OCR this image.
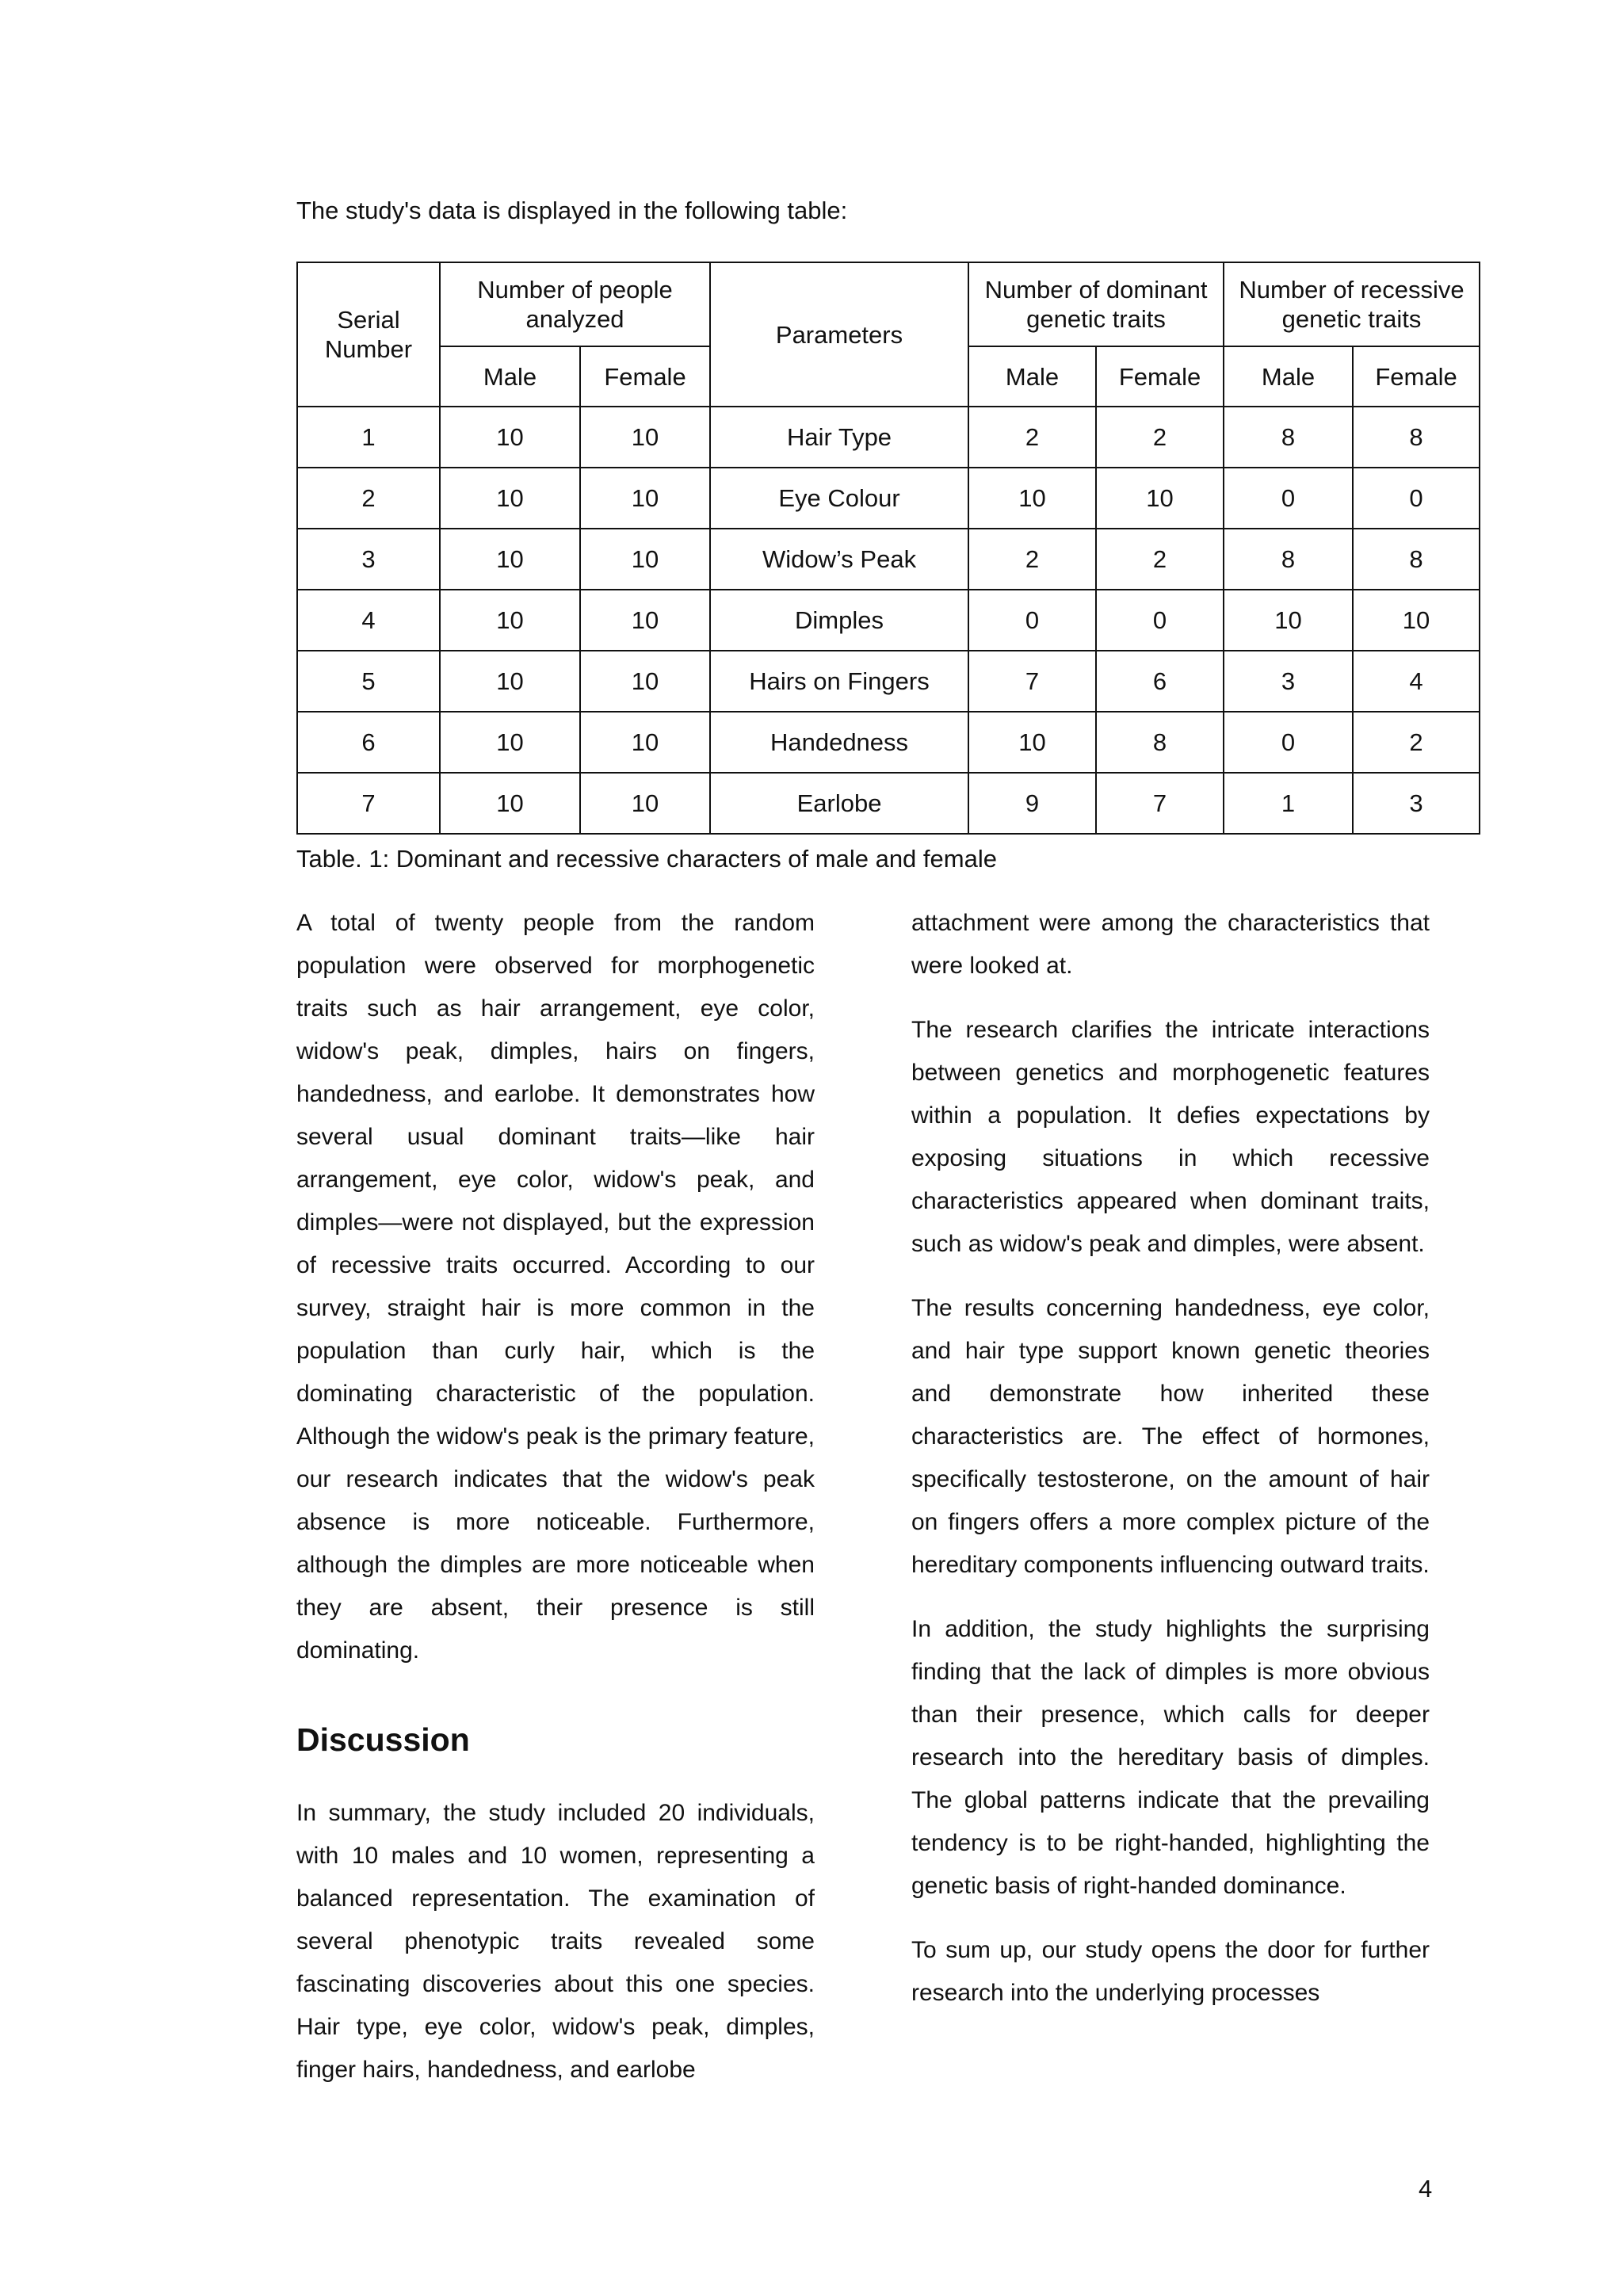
The study's data is displayed in the following table:

Serial Number	Number of people analyzed		Parameters	Number of dominant genetic traits		Number of recessive genetic traits	
	Male	Female		Male	Female	Male	Female
1	10	10	Hair Type	2	2	8	8
2	10	10	Eye Colour	10	10	0	0
3	10	10	Widow’s Peak	2	2	8	8
4	10	10	Dimples	0	0	10	10
5	10	10	Hairs on Fingers	7	6	3	4
6	10	10	Handedness	10	8	0	2
7	10	10	Earlobe	9	7	1	3

Table. 1: Dominant and recessive characters of male and female

A total of twenty people from the random population were observed for morphogenetic traits such as hair arrangement, eye color, widow's peak, dimples, hairs on fingers, handedness, and earlobe. It demonstrates how several usual dominant traits—like hair arrangement, eye color, widow's peak, and dimples—were not displayed, but the expression of recessive traits occurred. According to our survey, straight hair is more common in the population than curly hair, which is the dominating characteristic of the population. Although the widow's peak is the primary feature, our research indicates that the widow's peak absence is more noticeable. Furthermore, although the dimples are more noticeable when they are absent, their presence is still dominating.

Discussion

In summary, the study included 20 individuals, with 10 males and 10 women, representing a balanced representation. The examination of several phenotypic traits revealed some fascinating discoveries about this one species. Hair type, eye color, widow's peak, dimples, finger hairs, handedness, and earlobe

attachment were among the characteristics that were looked at.

The research clarifies the intricate interactions between genetics and morphogenetic features within a population. It defies expectations by exposing situations in which recessive characteristics appeared when dominant traits, such as widow's peak and dimples, were absent.

The results concerning handedness, eye color, and hair type support known genetic theories and demonstrate how inherited these characteristics are. The effect of hormones, specifically testosterone, on the amount of hair on fingers offers a more complex picture of the hereditary components influencing outward traits.

In addition, the study highlights the surprising finding that the lack of dimples is more obvious than their presence, which calls for deeper research into the hereditary basis of dimples. The global patterns indicate that the prevailing tendency is to be right-handed, highlighting the genetic basis of right-handed dominance.

To sum up, our study opens the door for further research into the underlying processes

4
